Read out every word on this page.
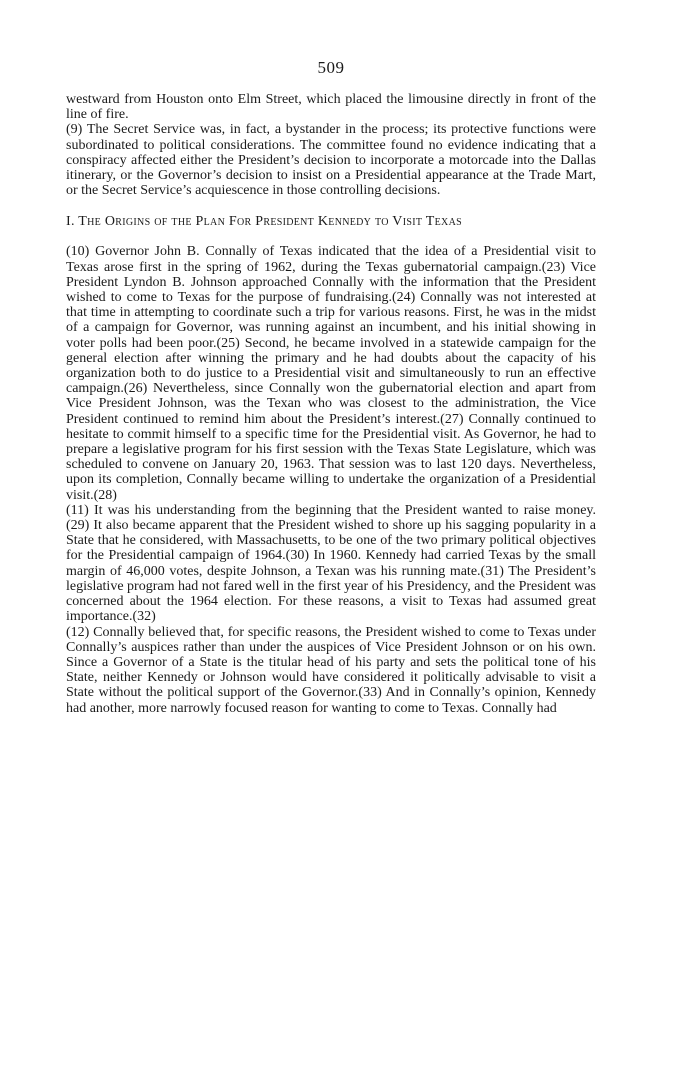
509

westward from Houston onto Elm Street, which placed the limousine directly in front of the line of fire.

(9) The Secret Service was, in fact, a bystander in the process; its protective functions were subordinated to political considerations. The committee found no evidence indicating that a conspiracy affected either the President’s decision to incorporate a motorcade into the Dallas itinerary, or the Governor’s decision to insist on a Presidential appearance at the Trade Mart, or the Secret Service’s acquiescence in those controlling decisions.

I. The Origins of the Plan For President Kennedy to Visit Texas

(10) Governor John B. Connally of Texas indicated that the idea of a Presidential visit to Texas arose first in the spring of 1962, during the Texas gubernatorial campaign.(23) Vice President Lyndon B. Johnson approached Connally with the information that the President wished to come to Texas for the purpose of fundraising.(24) Connally was not interested at that time in attempting to coordinate such a trip for various reasons. First, he was in the midst of a campaign for Governor, was running against an incumbent, and his initial showing in voter polls had been poor.(25) Second, he became involved in a statewide campaign for the general election after winning the primary and he had doubts about the capacity of his organization both to do justice to a Presidential visit and simultaneously to run an effective campaign.(26) Nevertheless, since Connally won the gubernatorial election and apart from Vice President Johnson, was the Texan who was closest to the administration, the Vice President continued to remind him about the President’s interest.(27) Connally continued to hesitate to commit himself to a specific time for the Presidential visit. As Governor, he had to prepare a legislative program for his first session with the Texas State Legislature, which was scheduled to convene on January 20, 1963. That session was to last 120 days. Nevertheless, upon its completion, Connally became willing to undertake the organization of a Presidential visit.(28)

(11) It was his understanding from the beginning that the President wanted to raise money.(29) It also became apparent that the President wished to shore up his sagging popularity in a State that he considered, with Massachusetts, to be one of the two primary political objectives for the Presidential campaign of 1964.(30) In 1960. Kennedy had carried Texas by the small margin of 46,000 votes, despite Johnson, a Texan was his running mate.(31) The President’s legislative program had not fared well in the first year of his Presidency, and the President was concerned about the 1964 election. For these reasons, a visit to Texas had assumed great importance.(32)

(12) Connally believed that, for specific reasons, the President wished to come to Texas under Connally’s auspices rather than under the auspices of Vice President Johnson or on his own. Since a Governor of a State is the titular head of his party and sets the political tone of his State, neither Kennedy or Johnson would have considered it politically advisable to visit a State without the political support of the Governor.(33) And in Connally’s opinion, Kennedy had another, more narrowly focused reason for wanting to come to Texas. Connally had
